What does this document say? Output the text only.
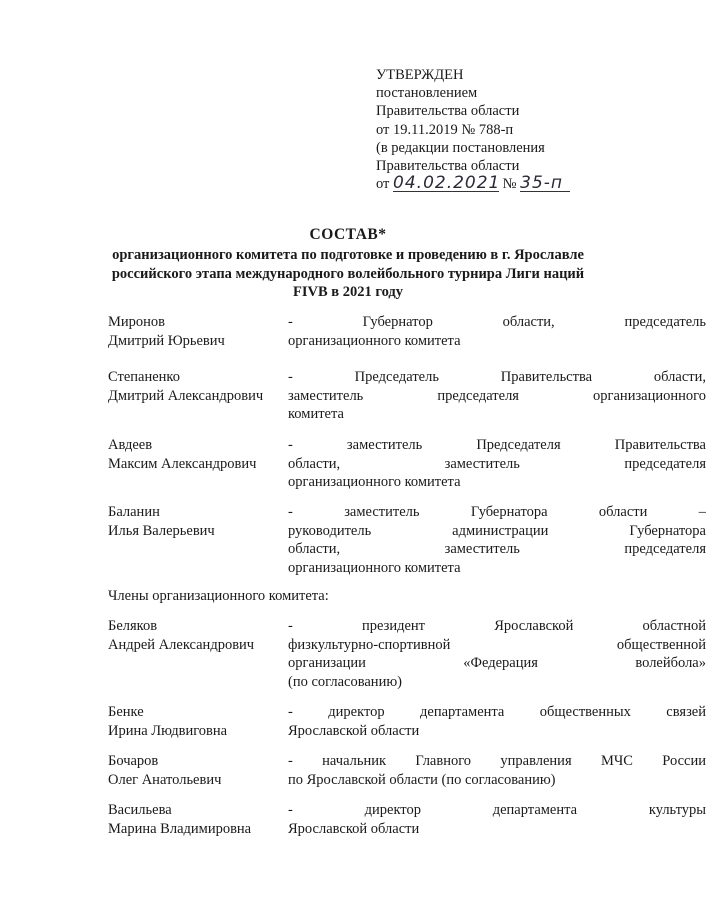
УТВЕРЖДЕН
постановлением
Правительства области
от 19.11.2019 № 788-п
(в редакции постановления
Правительства области
от 04.02.2021 № 35-п
СОСТАВ*
организационного комитета по подготовке и проведению в г. Ярославле
российского этапа международного волейбольного турнира Лиги наций
FIVB в 2021 году
Миронов
Дмитрий Юрьевич
- Губернатор области, председатель
организационного комитета
Степаненко
Дмитрий Александрович
- Председатель Правительства области,
заместитель председателя организационного
комитета
Авдеев
Максим Александрович
- заместитель Председателя Правительства
области, заместитель председателя
организационного комитета
Баланин
Илья Валерьевич
- заместитель Губернатора области –
руководитель администрации Губернатора
области, заместитель председателя
организационного комитета
Члены организационного комитета:
Беляков
Андрей Александрович
- президент Ярославской областной
физкультурно-спортивной общественной
организации «Федерация волейбола»
(по согласованию)
Бенке
Ирина Людвиговна
- директор департамента общественных связей
Ярославской области
Бочаров
Олег Анатольевич
- начальник Главного управления МЧС России
по Ярославской области (по согласованию)
Васильева
Марина Владимировна
- директор департамента культуры
Ярославской области
